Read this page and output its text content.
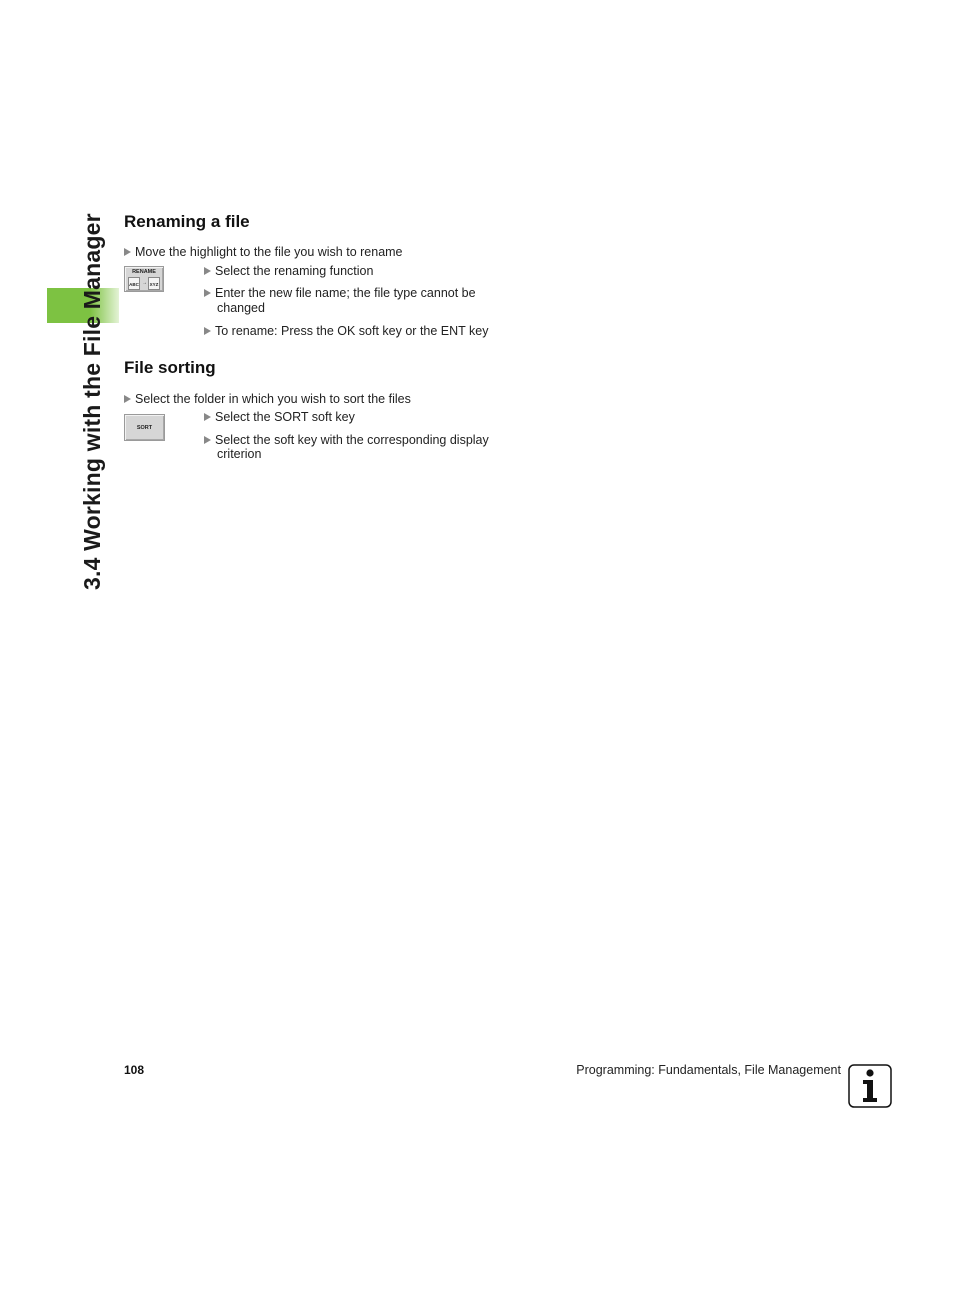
3.4 Working with the File Manager Renaming a file
Move the highlight to the file you wish to rename
RENAME
ABC → XYZ
Select the renaming function
Enter the new file name; the file type cannot be
changed
To rename: Press the OK soft key or the ENT key
File sorting
Select the folder in which you wish to sort the files
SORT
Select the SORT soft key
Select the soft key with the corresponding display
criterion
108	Programming: Fundamentals, File Management
